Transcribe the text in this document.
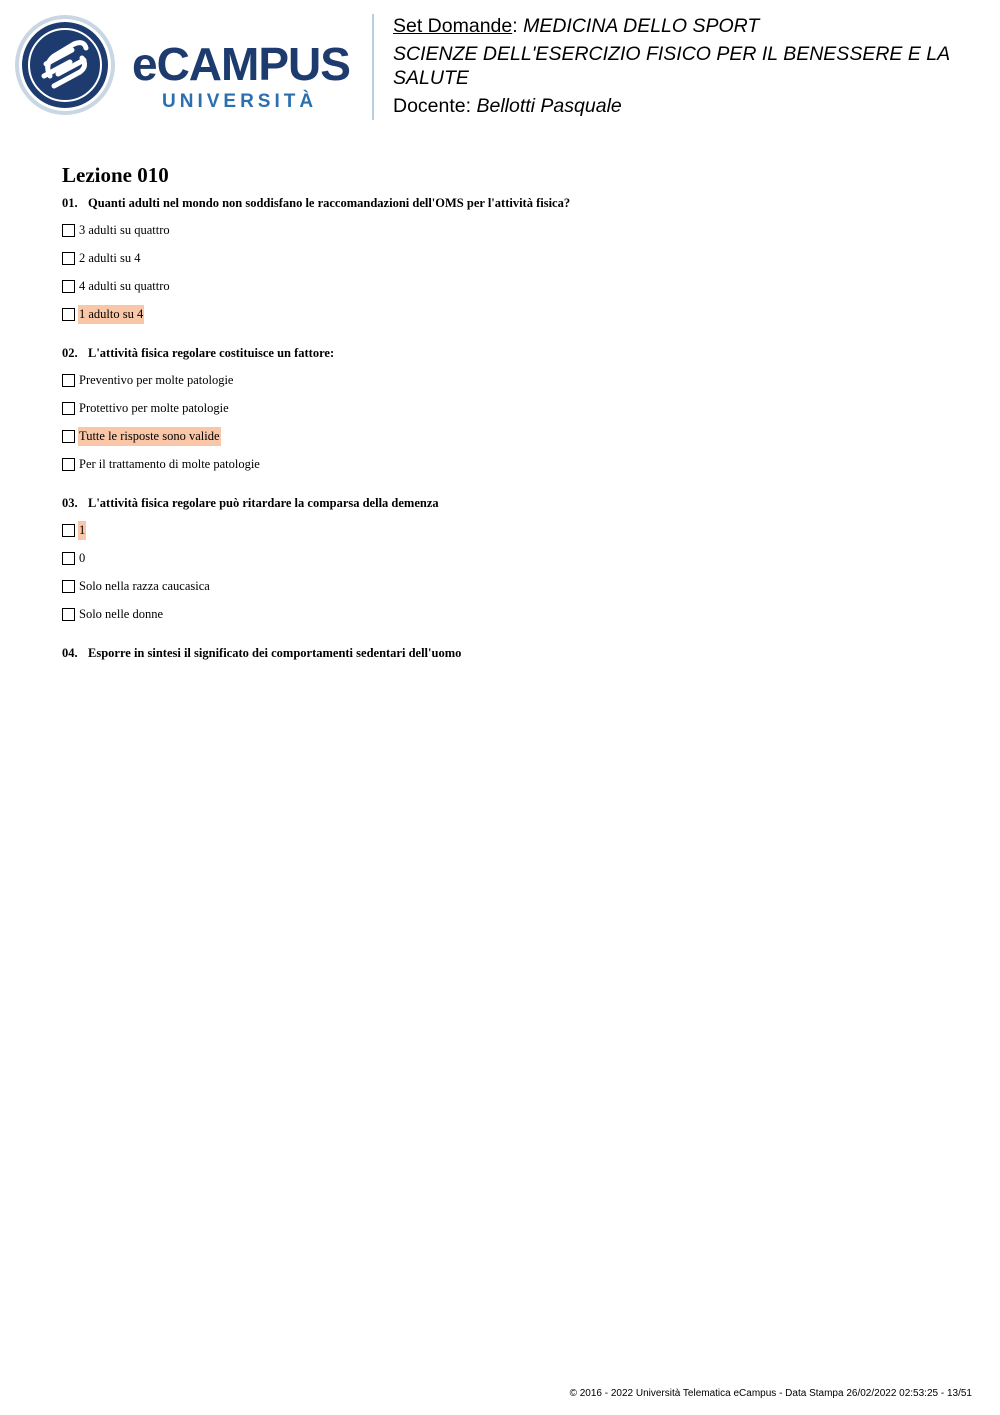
eCAMPUS
UNIVERSITÀ
Set Domande: MEDICINA DELLO SPORT
SCIENZE DELL'ESERCIZIO FISICO PER IL BENESSERE E LA SALUTE
Docente: Bellotti Pasquale
Lezione 010

01. Quanti adulti nel mondo non soddisfano le raccomandazioni dell'OMS per l'attività fisica?

3 adulti su quattro
2 adulti su 4
4 adulti su quattro
1 adulto su 4

02. L'attività fisica regolare costituisce un fattore:

Preventivo per molte patologie
Protettivo per molte patologie
Tutte le risposte sono valide
Per il trattamento di molte patologie

03. L'attività fisica regolare può ritardare la comparsa della demenza

1
0
Solo nella razza caucasica
Solo nelle donne

04. Esporre in sintesi il significato dei comportamenti sedentari dell'uomo

© 2016 - 2022 Università Telematica eCampus - Data Stampa 26/02/2022 02:53:25 - 13/51
